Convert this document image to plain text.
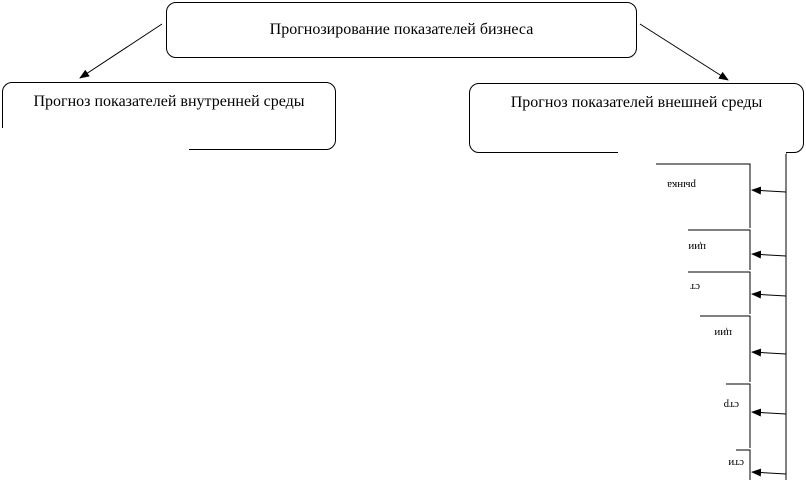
рынка
ции
ст
ции
стр
сти
Прогнозирование показателей бизнеса
Прогноз показателей внутренней среды	Прогноз показателей внешней среды
